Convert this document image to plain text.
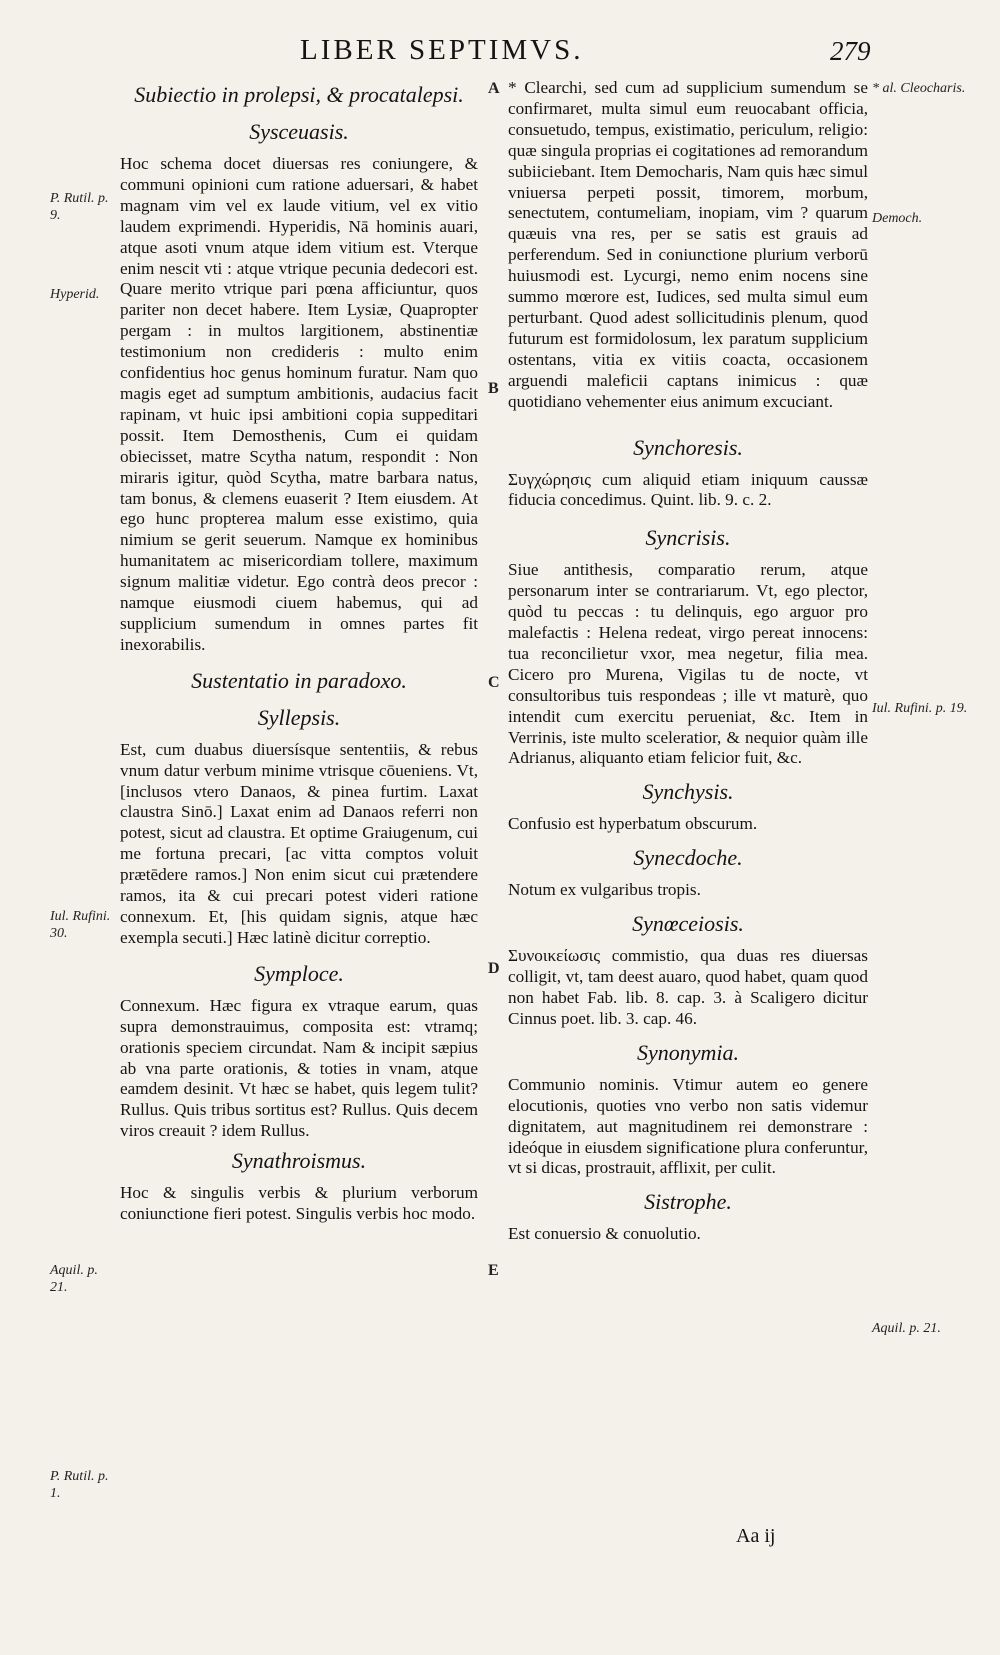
LIBER SEPTIMVS.	279
A
B
C
D
E
P. Rutil. p. 9.
Hyperid.
Iul. Rufini. 30.
Aquil. p. 21.
P. Rutil. p. 1.
* al. Cleocharis.
Democh.
Iul. Rufini. p. 19.
Aquil. p. 21.
Subiectio in prolepsi, & procatalepsi.
Sysceuasis.

Hoc schema docet diuersas res coniungere, & communi opinioni cum ratione aduersari, & habet magnam vim vel ex laude vitium, vel ex vitio laudem exprimendi. Hyperidis, Nā hominis auari, atque asoti vnum atque idem vitium est. Vterque enim nescit vti : atque vtrique pecunia dedecori est. Quare merito vtrique pari pœna afficiuntur, quos pariter non decet habere. Item Lysiæ, Quapropter pergam : in multos largitionem, abstinentiæ testimonium non credideris : multo enim confidentius hoc genus hominum furatur. Nam quo magis eget ad sumptum ambitionis, audacius facit rapinam, vt huic ipsi ambitioni copia suppeditari possit. Item Demosthenis, Cum ei quidam obiecisset, matre Scytha natum, respondit : Non miraris igitur, quòd Scytha, matre barbara natus, tam bonus, & clemens euaserit ? Item eiusdem. At ego hunc propterea malum esse existimo, quia nimium se gerit seuerum. Namque ex hominibus humanitatem ac misericordiam tollere, maximum signum malitiæ videtur. Ego contrà deos precor : namque eiusmodi ciuem habemus, qui ad supplicium sumendum in omnes partes fit inexorabilis.

Sustentatio in paradoxo.
Syllepsis.

Est, cum duabus diuersísque sententiis, & rebus vnum datur verbum minime vtrisque cōueniens. Vt, [inclusos vtero Danaos, & pinea furtim. Laxat claustra Sinō.] Laxat enim ad Danaos referri non potest, sicut ad claustra. Et optime Graiugenum, cui me fortuna precari, [ac vitta comptos voluit prætēdere ramos.] Non enim sicut cui prætendere ramos, ita & cui precari potest videri ratione connexum. Et, [his quidam signis, atque hæc exempla secuti.] Hæc latinè dicitur correptio.

Symploce.

Connexum. Hæc figura ex vtraque earum, quas supra demonstrauimus, composita est: vtramq; orationis speciem circundat. Nam & incipit sæpius ab vna parte orationis, & toties in vnam, atque eamdem desinit. Vt hæc se habet, quis legem tulit? Rullus. Quis tribus sortitus est? Rullus. Quis decem viros creauit ? idem Rullus.

Synathroismus.

Hoc & singulis verbis & plurium verborum coniunctione fieri potest. Singulis verbis hoc modo.

* Clearchi, sed cum ad supplicium sumendum se confirmaret, multa simul eum reuocabant officia, consuetudo, tempus, existimatio, periculum, religio: quæ singula proprias ei cogitationes ad remorandum subiiciebant. Item Democharis, Nam quis hæc simul vniuersa perpeti possit, timorem, morbum, senectutem, contumeliam, inopiam, vim ? quarum quæuis vna res, per se satis est grauis ad perferendum. Sed in coniunctione plurium verborū huiusmodi est. Lycurgi, nemo enim nocens sine summo mœrore est, Iudices, sed multa simul eum perturbant. Quod adest sollicitudinis plenum, quod futurum est formidolosum, lex paratum supplicium ostentans, vitia ex vitiis coacta, occasionem arguendi maleficii captans inimicus : quæ quotidiano vehementer eius animum excuciant.

Synchoresis.

Συγχώρησις cum aliquid etiam iniquum caussæ fiducia concedimus. Quint. lib. 9. c. 2.

Syncrisis.

Siue antithesis, comparatio rerum, atque personarum inter se contrariarum. Vt, ego plector, quòd tu peccas : tu delinquis, ego arguor pro malefactis : Helena redeat, virgo pereat innocens: tua reconcilietur vxor, mea negetur, filia mea. Cicero pro Murena, Vigilas tu de nocte, vt consultoribus tuis respondeas ; ille vt maturè, quo intendit cum exercitu perueniat, &c. Item in Verrinis, iste multo sceleratior, & nequior quàm ille Adrianus, aliquanto etiam felicior fuit, &c.

Synchysis.

Confusio est hyperbatum obscurum.

Synecdoche.

Notum ex vulgaribus tropis.

Synœceiosis.

Συνοικείωσις commistio, qua duas res diuersas colligit, vt, tam deest auaro, quod habet, quam quod non habet Fab. lib. 8. cap. 3. à Scaligero dicitur Cinnus poet. lib. 3. cap. 46.

Synonymia.

Communio nominis. Vtimur autem eo genere elocutionis, quoties vno verbo non satis videmur dignitatem, aut magnitudinem rei demonstrare : ideóque in eiusdem significatione plura conferuntur, vt si dicas, prostrauit, afflixit, per culit.

Sistrophe.

Est conuersio & conuolutio.

Aa ij
